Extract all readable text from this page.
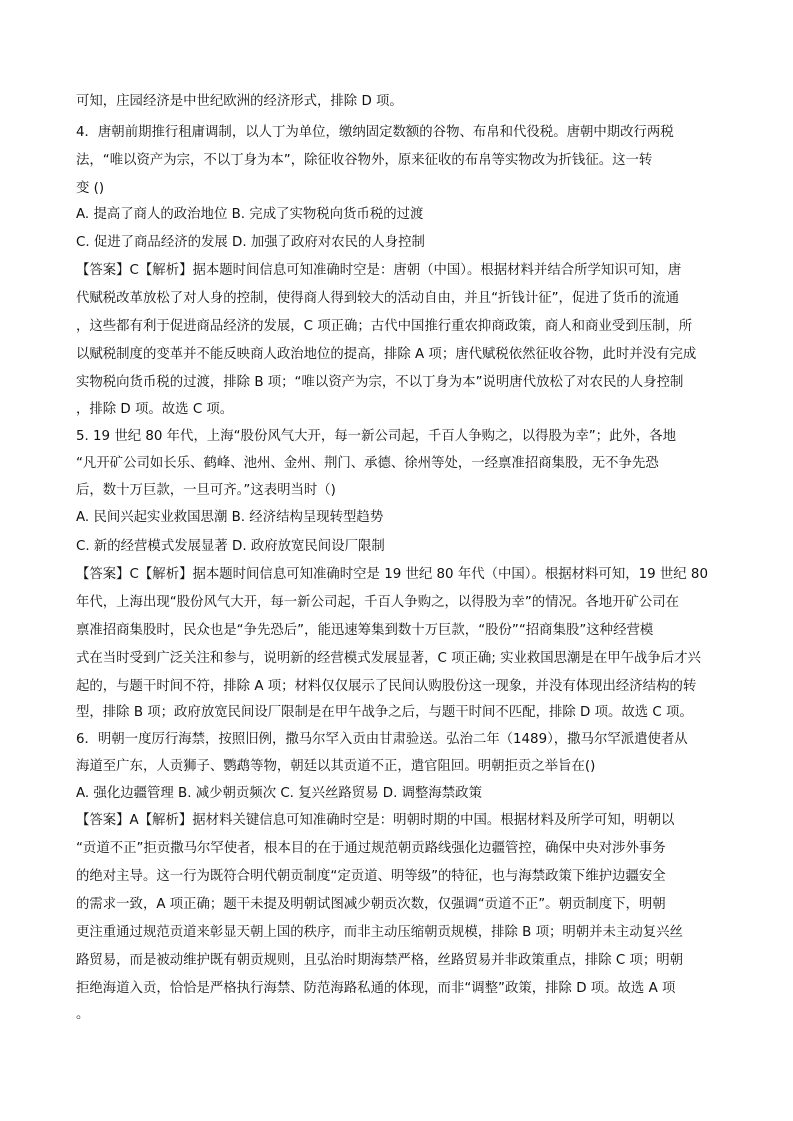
可知，庄园经济是中世纪欧洲的经济形式，排除 D 项。
4．唐朝前期推行租庸调制，以人丁为单位，缴纳固定数额的谷物、布帛和代役税。唐朝中期改行两税
法，“唯以资产为宗，不以丁身为本”，除征收谷物外，原来征收的布帛等实物改为折钱征。这一转
变 ()
A. 提高了商人的政治地位 B. 完成了实物税向货币税的过渡
C. 促进了商品经济的发展 D. 加强了政府对农民的人身控制
【答案】C【解析】据本题时间信息可知准确时空是：唐朝（中国）。根据材料并结合所学知识可知，唐
代赋税改革放松了对人身的控制，使得商人得到较大的活动自由，并且“折钱计征”，促进了货币的流通
，这些都有利于促进商品经济的发展，C 项正确；古代中国推行重农抑商政策，商人和商业受到压制，所
以赋税制度的变革并不能反映商人政治地位的提高，排除 A 项；唐代赋税依然征收谷物，此时并没有完成
实物税向货币税的过渡，排除 B 项；“唯以资产为宗，不以丁身为本”说明唐代放松了对农民的人身控制
，排除 D 项。故选 C 项。
5. 19 世纪 80 年代，上海“股份风气大开，每一新公司起，千百人争购之，以得股为幸”；此外，各地
“凡开矿公司如长乐、鹤峰、池州、金州、荆门、承德、徐州等处，一经禀准招商集股，无不争先恐
后，数十万巨款，一旦可齐。”这表明当时（)
A. 民间兴起实业救国思潮 B. 经济结构呈现转型趋势
C. 新的经营模式发展显著 D. 政府放宽民间设厂限制
【答案】C【解析】据本题时间信息可知准确时空是 19 世纪 80 年代（中国）。根据材料可知，19 世纪 80
年代，上海出现“股份风气大开，每一新公司起，千百人争购之，以得股为幸”的情况。各地开矿公司在
禀准招商集股时，民众也是“争先恐后”，能迅速筹集到数十万巨款，“股份”“招商集股”这种经营模
式在当时受到广泛关注和参与，说明新的经营模式发展显著，C 项正确; 实业救国思潮是在甲午战争后才兴
起的，与题干时间不符，排除 A 项；材料仅仅展示了民间认购股份这一现象，并没有体现出经济结构的转
型，排除 B 项；政府放宽民间设厂限制是在甲午战争之后，与题干时间不匹配，排除 D 项。故选 C 项。
6．明朝一度厉行海禁，按照旧例，撒马尔罕入贡由甘肃验送。弘治二年（1489），撒马尔罕派遣使者从
海道至广东，人贡狮子、鹦鹉等物，朝廷以其贡道不正，遣官阻回。明朝拒贡之举旨在()
A. 强化边疆管理 B. 减少朝贡频次 C. 复兴丝路贸易 D. 调整海禁政策
【答案】A【解析】据材料关键信息可知准确时空是：明朝时期的中国。根据材料及所学可知，明朝以
“贡道不正”拒贡撒马尔罕使者，根本目的在于通过规范朝贡路线强化边疆管控，确保中央对涉外事务
的绝对主导。这一行为既符合明代朝贡制度“定贡道、明等级”的特征，也与海禁政策下维护边疆安全
的需求一致，A 项正确；题干未提及明朝试图减少朝贡次数，仅强调“贡道不正”。朝贡制度下，明朝
更注重通过规范贡道来彰显天朝上国的秩序，而非主动压缩朝贡规模，排除 B 项；明朝并未主动复兴丝
路贸易，而是被动维护既有朝贡规则，且弘治时期海禁严格，丝路贸易并非政策重点，排除 C 项；明朝
拒绝海道入贡，恰恰是严格执行海禁、防范海路私通的体现，而非“调整”政策，排除 D 项。故选 A 项
。
